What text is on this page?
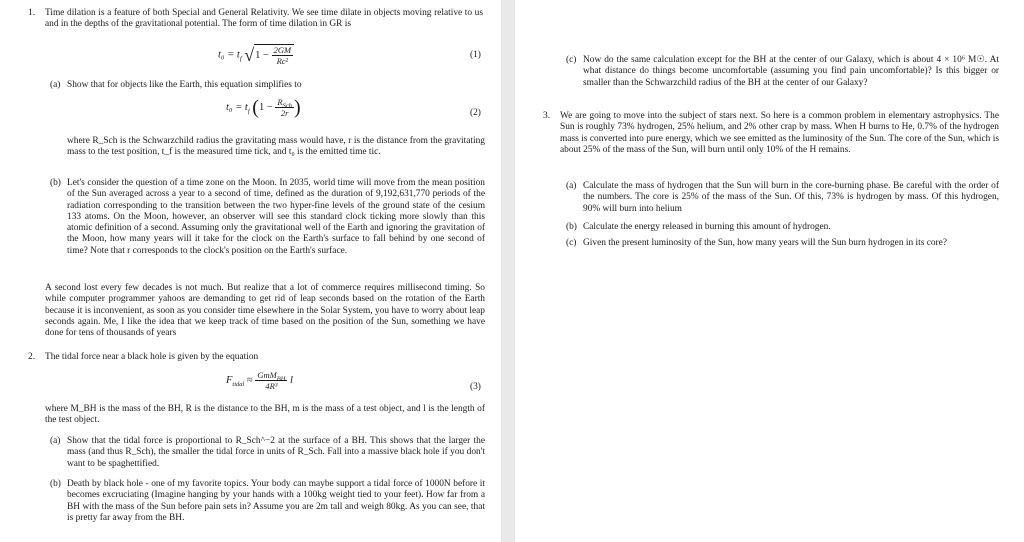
1. Time dilation is a feature of both Special and General Relativity. We see time dilate in objects moving relative to us and in the depths of the gravitational potential. The form of time dilation in GR is
$t_0 = t_f$ $√1 - \frac{2GM}{\text{Rc²}}$	(1)
(a) Show that for objects like the Earth, this equation simplifies to
$t_0 = t_f$ ($1 - \frac{R_{Sch}}{2r}$ )	(2)
where R_Sch is the Schwarzchild radius the gravitating mass would have, r is the distance from the gravitating mass to the test position, t_f is the measured time tick, and t₀ is the emitted time tic.
(b) Let's consider the question of a time zone on the Moon. In 2035, world time will move from the mean position of the Sun averaged across a year to a second of time, defined as the duration of 9,192,631,770 periods of the radiation corresponding to the transition between the two hyper-fine levels of the ground state of the cesium 133 atoms. On the Moon, however, an observer will see this standard clock ticking more slowly than this atomic definition of a second. Assuming only the gravitational well of the Earth and ignoring the gravitation of the Moon, how many years will it take for the clock on the Earth's surface to fall behind by one second of time? Note that r corresponds to the clock's position on the Earth's surface.
A second lost every few decades is not much. But realize that a lot of commerce requires millisecond timing. So while computer programmer yahoos are demanding to get rid of leap seconds based on the rotation of the Earth because it is inconvenient, as soon as you consider time elsewhere in the Solar System, you have to worry about leap seconds again. Me, I like the idea that we keep track of time based on the position of the Sun, something we have done for tens of thousands of years
2. The tidal force near a black hole is given by the equation
$F_{tidal} \approx \frac{GmM_{BH}}{\text{4R³}}$ l
(3)
where M_BH is the mass of the BH, R is the distance to the BH, m is the mass of a test object, and l is the length of the test object.
(a) Show that the tidal force is proportional to R_Sch^−2 at the surface of a BH. This shows that the larger the mass (and thus R_Sch), the smaller the tidal force in units of R_Sch. Fall into a massive black hole if you don't want to be spaghettified.
(b) Death by black hole - one of my favorite topics. Your body can maybe support a tidal force of 1000N before it becomes excruciating (Imagine hanging by your hands with a 100kg weight tied to your feet). How far from a BH with the mass of the Sun before pain sets in? Assume you are 2m tall and weigh 80kg. As you can see, that is pretty far away from the BH.
(c) Now do the same calculation except for the BH at the center of our Galaxy, which is about 4 × 10⁶ M☉. At what distance do things become uncomfortable (assuming you find pain uncomfortable)? Is this bigger or smaller than the Schwarzchild radius of the BH at the center of our Galaxy?
3. We are going to move into the subject of stars next. So here is a common problem in elementary astrophysics. The Sun is roughly 73% hydrogen, 25% helium, and 2% other crap by mass. When H burns to He, 0.7% of the hydrogen mass is converted into pure energy, which we see emitted as the luminosity of the Sun. The core of the Sun, which is about 25% of the mass of the Sun, will burn until only 10% of the H remains.
(a) Calculate the mass of hydrogen that the Sun will burn in the core-burning phase. Be careful with the order of the numbers. The core is 25% of the mass of the Sun. Of this, 73% is hydrogen by mass. Of this hydrogen, 90% will burn into helium
(b) Calculate the energy released in burning this amount of hydrogen.
(c) Given the present luminosity of the Sun, how many years will the Sun burn hydrogen in its core?
